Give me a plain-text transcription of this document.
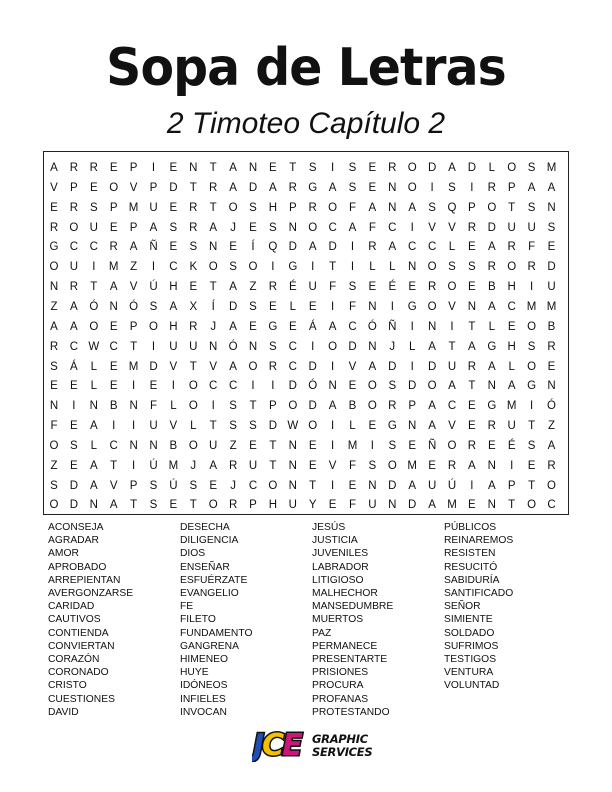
Sopa de Letras
2 Timoteo Capítulo 2
A	R	R	E	P	I	E	N	T	A	N	E	T	S	I	S	E	R O D	A	D	L	O	S M
V	P	E	O	V	P	D	T	R	A	D	A	R G	A	S	E	N O	I	S	I	R	P	A	A
E	R	S	P M U	E	R	T	O	S	H	P	R O	F	A	N	A	S	Q	P	O	T	S	N
R O U	E	P	A	S	R	A	J	E	S	N O C	A	F	C	I	V	V	R	D	U	U	S
G C	C	R	A	Ñ	E	S	N	E	Í	Q D	A	D	I	R	A	C	C	L	E	A	R	F	E
O U	I	M	Z	I	C	K	O	S	O	I	G	I	T	I	L	L	N O	S	S	R O R	D
N	R	T	A	V	Ú	H	E	T	A	Z	R	É	U	F	S	E	É	E	R O	E	B	H	I	U
Z	A	Ó N Ó	S	A	X	Í	D	S	E	L	E	I	F	N	I	G O	V	N	A	C M M
A	A	O	E	P	O H	R	J	A	E	G	E	Á	A	C Ó Ñ	I	N	I	T	L	E	O	B
R	C W C	T	I	U	U	N Ó N	S	C	I	O D	N	J	L	A	T	A	G H	S	R
S	Á	L	E M D	V	T	V	A	O R	C	D	I	V	A	D	I	D	U	R	A	L	O	E
E	E	L	E	I	E	I	O C	C	I	I	D Ó N	E	O	S	D O	A	T	N	A	G N
N	I	N	B	N	F	L	O	I	S	T	P	O D	A	B	O R	P	A	C	E	G M	I	Ó
F	E	A	I	I	U	V	L	T	S	S	D W O	I	L	E	G N	A	V	E	R	U	T	Z
O	S	L	C	N	N	B	O U	Z	E	T	N	E	I	M	I	S	E	Ñ O R	E	É	S	A
Z	E	A	T	I	Ú M	J	A	R	U	T	N	E	V	F	S	O M E	R	A	N	I	E	R
S	D	A	V	P	S	Ú	S	E	J	C O N	T	I	E	N	D	A	U	Ú	I	A	P	T	O
O D	N	A	T	S	E	T	O R	P	H	U	Y	E	F	U	N	D	A M E	N	T	O C
ACONSEJA
AGRADAR
AMOR
APROBADO
ARREPIENTAN
AVERGONZARSE
CARIDAD
CAUTIVOS
CONTIENDA
CONVIERTAN
CORAZÓN
CORONADO
CRISTO
CUESTIONES
DAVID
DESECHA
DILIGENCIA
DIOS
ENSEÑAR
ESFUÉRZATE
EVANGELIO
FE
FILETO
FUNDAMENTO
GANGRENA
HIMENEO
HUYE
IDÓNEOS
INFIELES
INVOCAN
JESÚS
JUSTICIA
JUVENILES
LABRADOR
LITIGIOSO
MALHECHOR
MANSEDUMBRE
MUERTOS
PAZ
PERMANECE
PRESENTARTE
PRISIONES
PROCURA
PROFANAS
PROTESTANDO
PÚBLICOS
REINAREMOS
RESISTEN
RESUCITÓ
SABIDURÍA
SANTIFICADO
SEÑOR
SIMIENTE
SOLDADO
SUFRIMOS
TESTIGOS
VENTURA
VOLUNTAD
JCE GRAPHIC
SERVICES
